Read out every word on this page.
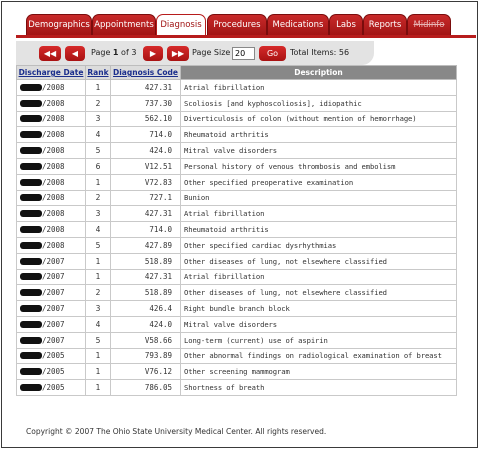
Demographics Appointments Diagnosis	Procedures	Medications	Labs	Reports	Midinfo
◀◀	◀	Page 1 of 3	▶	▶▶ Page Size
20	Go	Total Items: 56
Discharge Date	Rank	Diagnosis Code	Description
/2008	1	427.31	Atrial fibrillation
/2008	2	737.30	Scoliosis [and kyphoscoliosis], idiopathic
/2008	3	562.10	Diverticulosis of colon (without mention of hemorrhage)
/2008	4	714.0	Rheumatoid arthritis
/2008	5	424.0	Mitral valve disorders
/2008	6	V12.51	Personal history of venous thrombosis and embolism
/2008	1	V72.83	Other specified preoperative examination
/2008	2	727.1	Bunion
/2008	3	427.31	Atrial fibrillation
/2008	4	714.0	Rheumatoid arthritis
/2008	5	427.89	Other specified cardiac dysrhythmias
/2007	1	518.89	Other diseases of lung, not elsewhere classified
/2007	1	427.31	Atrial fibrillation
/2007	2	518.89	Other diseases of lung, not elsewhere classified
/2007	3	426.4	Right bundle branch block
/2007	4	424.0	Mitral valve disorders
/2007	5	V58.66	Long-term (current) use of aspirin
/2005	1	793.89	Other abnormal findings on radiological examination of breast
/2005	1	V76.12	Other screening mammogram
/2005	1	786.05	Shortness of breath
Copyright © 2007 The Ohio State University Medical Center. All rights reserved.
